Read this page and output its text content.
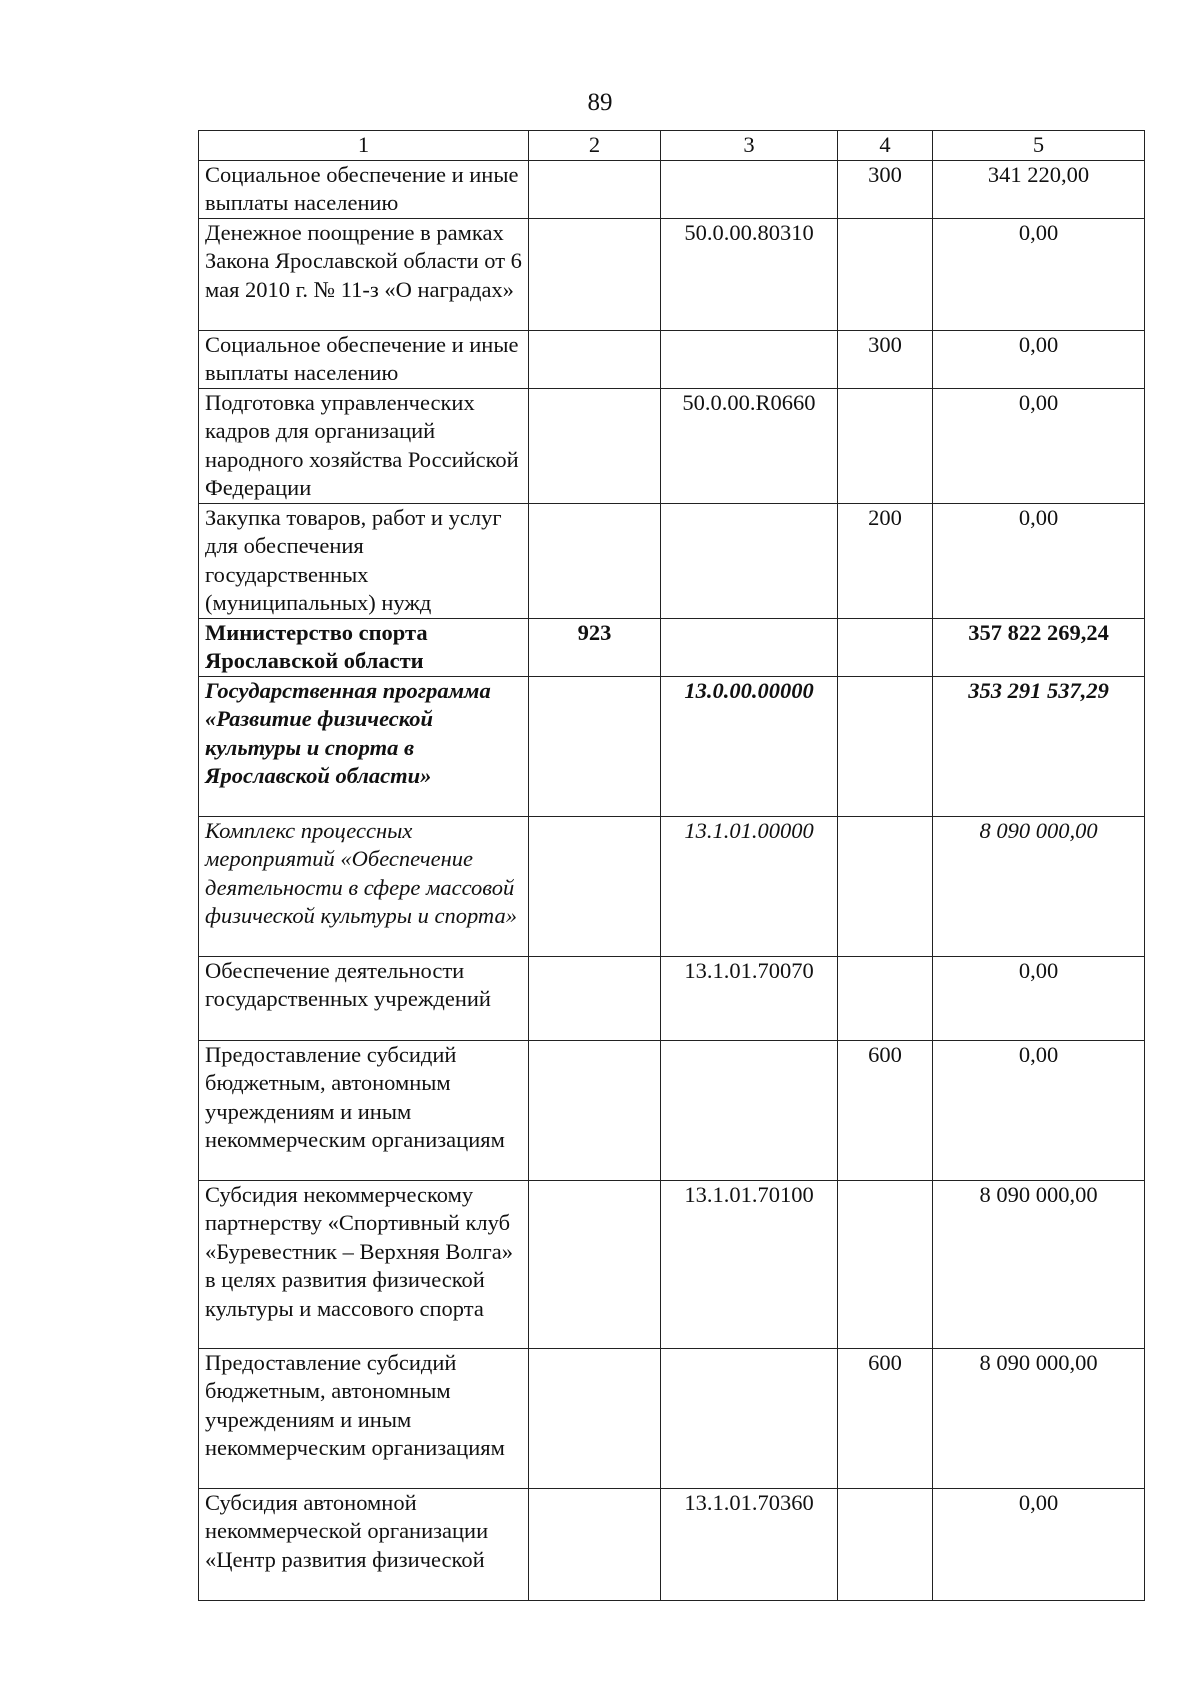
89
1	2	3	4	5
Социальное обеспечение и иные выплаты населению			300	341 220,00
Денежное поощрение в рамках Закона Ярославской области от 6 мая 2010 г. № 11-з «О наградах»		50.0.00.80310		0,00
Социальное обеспечение и иные выплаты населению			300	0,00
Подготовка управленческих кадров для организаций народного хозяйства Российской Федерации		50.0.00.R0660		0,00
Закупка товаров, работ и услуг для обеспечения государственных (муниципальных) нужд			200	0,00
Министерство спорта Ярославской области	923			357 822 269,24
Государственная программа «Развитие физической культуры и спорта в Ярославской области»		13.0.00.00000		353 291 537,29
Комплекс процессных мероприятий «Обеспечение деятельности в сфере массовой физической культуры и спорта»		13.1.01.00000		8 090 000,00
Обеспечение деятельности государственных учреждений		13.1.01.70070		0,00
Предоставление субсидий бюджетным, автономным учреждениям и иным некоммерческим организациям			600	0,00
Субсидия некоммерческому партнерству «Спортивный клуб «Буревестник – Верхняя Волга» в целях развития физической культуры и массового спорта		13.1.01.70100		8 090 000,00
Предоставление субсидий бюджетным, автономным учреждениям и иным некоммерческим организациям			600	8 090 000,00
Субсидия автономной некоммерческой организации «Центр развития физической		13.1.01.70360		0,00
